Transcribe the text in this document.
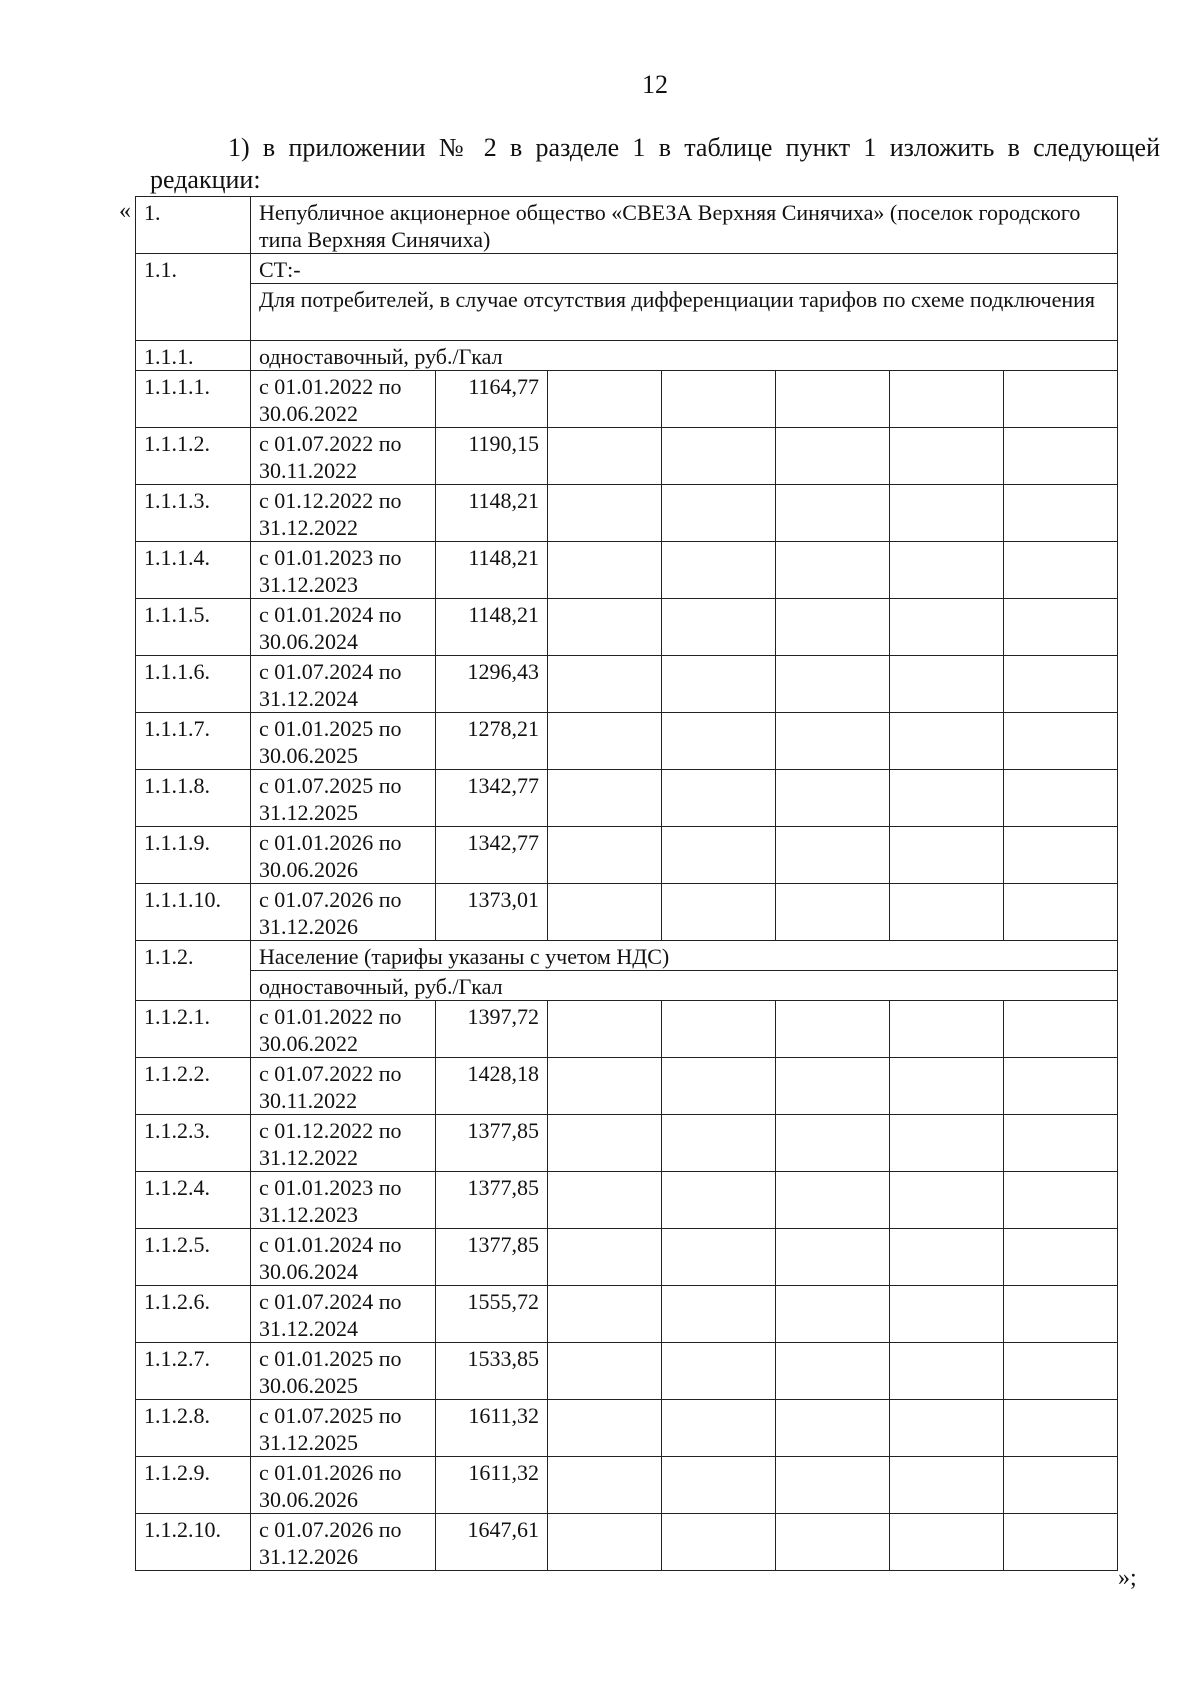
12
1) в приложении № 2 в разделе 1 в таблице пункт 1 изложить в следующей редакции:
« 1.	Непубличное акционерное общество «СВЕЗА Верхняя Синячиха» (поселок городского типа Верхняя Синячиха)						
1.1.	СТ:-						
	Для потребителей, в случае отсутствия дифференциации тарифов по схеме подключения						
1.1.1.	одноставочный, руб./Гкал						
1.1.1.1.	с 01.01.2022 по 30.06.2022	1164,77					
1.1.1.2.	с 01.07.2022 по 30.11.2022	1190,15					
1.1.1.3.	с 01.12.2022 по 31.12.2022	1148,21					
1.1.1.4.	с 01.01.2023 по 31.12.2023	1148,21					
1.1.1.5.	с 01.01.2024 по 30.06.2024	1148,21					
1.1.1.6.	с 01.07.2024 по 31.12.2024	1296,43					
1.1.1.7.	с 01.01.2025 по 30.06.2025	1278,21					
1.1.1.8.	с 01.07.2025 по 31.12.2025	1342,77					
1.1.1.9.	с 01.01.2026 по 30.06.2026	1342,77					
1.1.1.10.	с 01.07.2026 по 31.12.2026	1373,01					
1.1.2.	Население (тарифы указаны с учетом НДС)						
	одноставочный, руб./Гкал						
1.1.2.1.	с 01.01.2022 по 30.06.2022	1397,72					
1.1.2.2.	с 01.07.2022 по 30.11.2022	1428,18					
1.1.2.3.	с 01.12.2022 по 31.12.2022	1377,85					
1.1.2.4.	с 01.01.2023 по 31.12.2023	1377,85					
1.1.2.5.	с 01.01.2024 по 30.06.2024	1377,85					
1.1.2.6.	с 01.07.2024 по 31.12.2024	1555,72					
1.1.2.7.	с 01.01.2025 по 30.06.2025	1533,85					
1.1.2.8.	с 01.07.2025 по 31.12.2025	1611,32					
1.1.2.9.	с 01.01.2026 по 30.06.2026	1611,32					
1.1.2.10.	с 01.07.2026 по 31.12.2026	1647,61					
»;
